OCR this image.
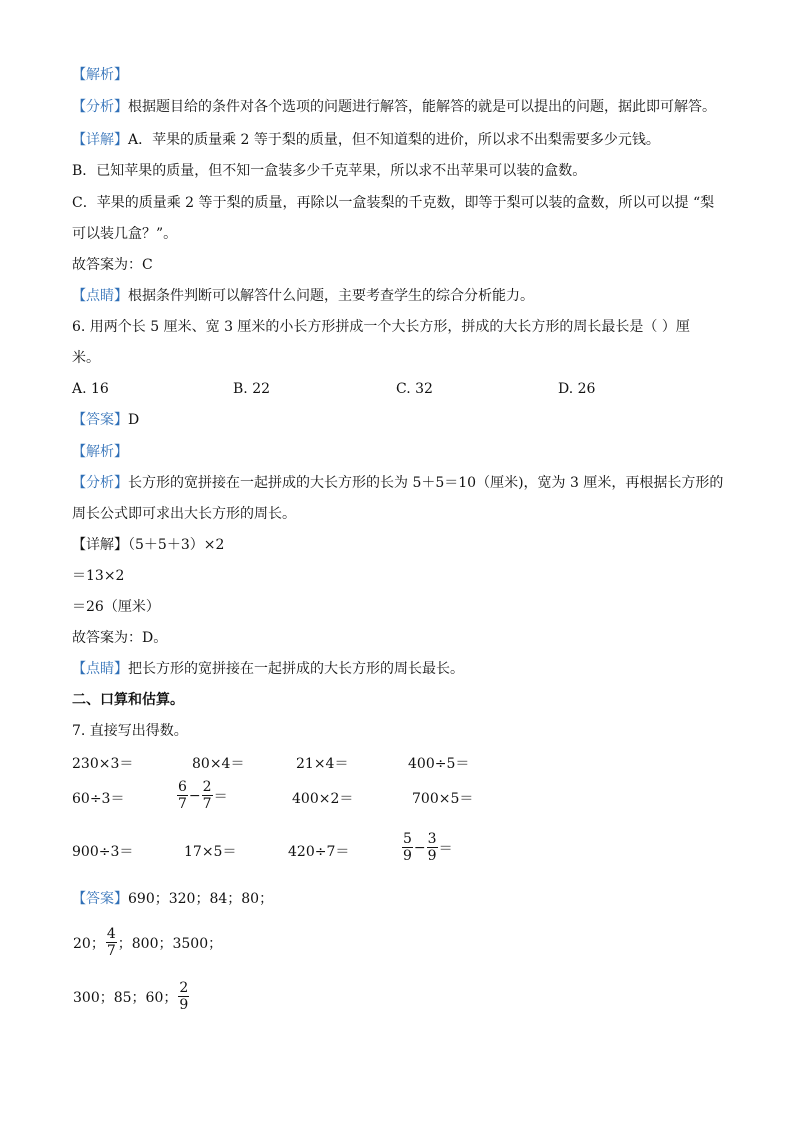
【解析】
【分析】根据题目给的条件对各个选项的问题进行解答，能解答的就是可以提出的问题，据此即可解答。
【详解】A．苹果的质量乘 2 等于梨的质量，但不知道梨的进价，所以求不出梨需要多少元钱。
B．已知苹果的质量，但不知一盒装多少千克苹果，所以求不出苹果可以装的盒数。
C．苹果的质量乘 2 等于梨的质量，再除以一盒装梨的千克数，即等于梨可以装的盒数，所以可以提 “梨
可以装几盒？”。
故答案为：C
【点睛】根据条件判断可以解答什么问题，主要考查学生的综合分析能力。
6. 用两个长 5 厘米、宽 3 厘米的小长方形拼成一个大长方形，拼成的大长方形的周长最长是（ ）厘
米。
A. 16	B. 22	C. 32	D. 26
【答案】D
【解析】
【分析】长方形的宽拼接在一起拼成的大长方形的长为 5＋5＝10（厘米)，宽为 3 厘米，再根据长方形的
周长公式即可求出大长方形的周长。
【详解】（5＋5＋3）×2
＝13×2
＝26（厘米）
故答案为：D。
【点睛】把长方形的宽拼接在一起拼成的大长方形的周长最长。
二、口算和估算。
7. 直接写出得数。
230×3＝	80×4＝	21×4＝	400÷5＝
60÷3＝	$\frac{6}{7} - \frac{2}{7}$ ＝	400×2＝	700×5＝
900÷3＝	17×5＝	420÷7＝	$\frac{5}{9} - \frac{3}{9}$ ＝
【答案】690；320；84；80；
20； $\frac{4}{7}$ ；800；3500；
300；85；60； $\frac{2}{9}$
